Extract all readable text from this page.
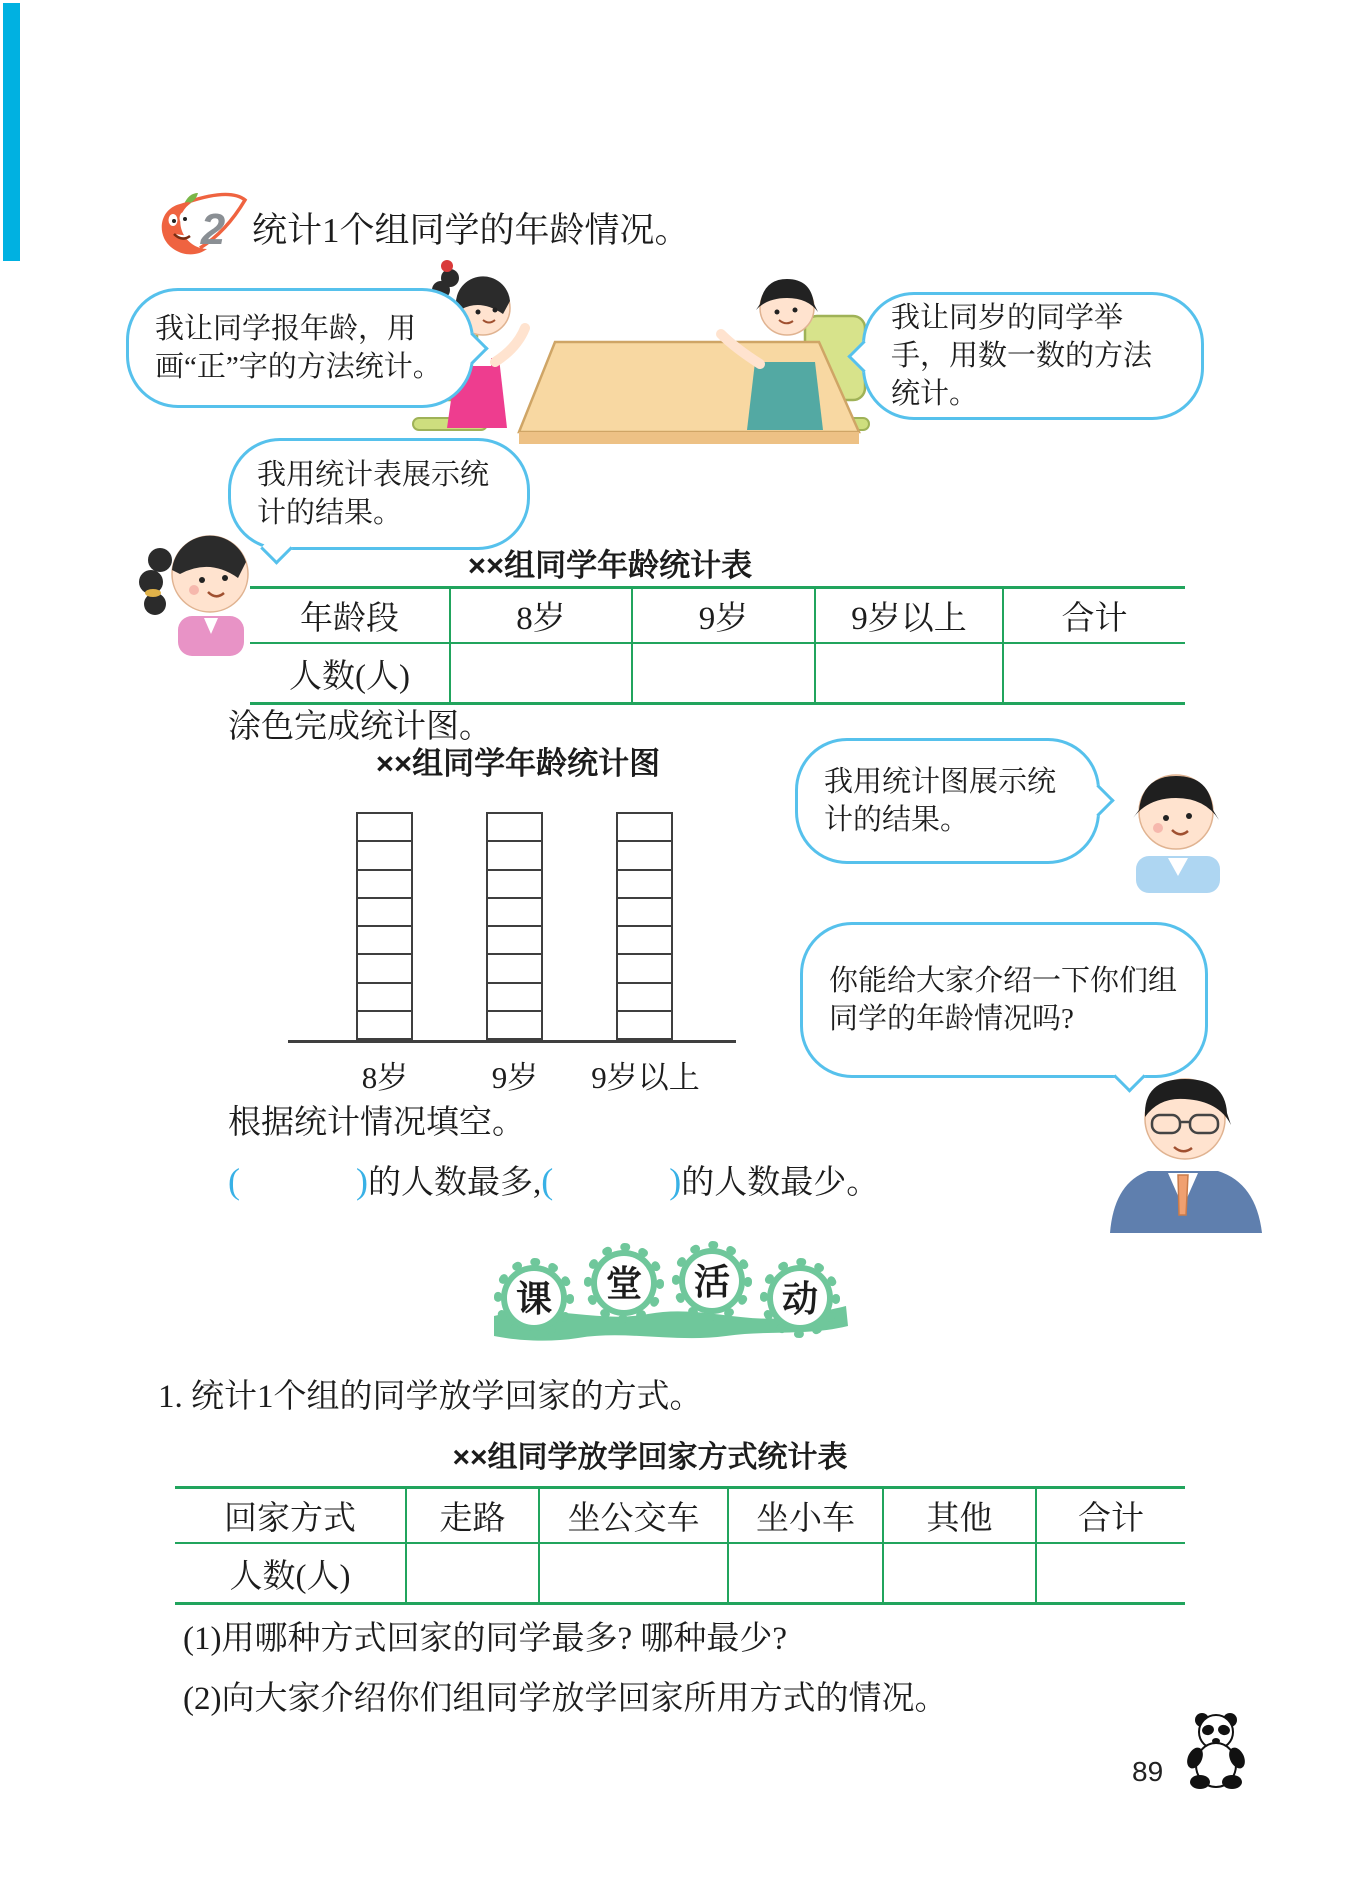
2 统计1个组同学的年龄情况。
我让同学报年龄，用画“正”字的方法统计。
我让同岁的同学举手，用数一数的方法统计。
我用统计表展示统计的结果。
××组同学年龄统计表
年龄段	8岁	9岁	9岁以上	合计
人数(人)
涂色完成统计图。
××组同学年龄统计图
8岁	9岁	9岁以上
我用统计图展示统计的结果。
你能给大家介绍一下你们组同学的年龄情况吗?
根据统计情况填空。
(	)的人数最多,(	)的人数最少。
课 堂 活 动
1. 统计1个组的同学放学回家的方式。
××组同学放学回家方式统计表
回家方式	走路	坐公交车	坐小车	其他	合计
人数(人)
(1)用哪种方式回家的同学最多? 哪种最少?
(2)向大家介绍你们组同学放学回家所用方式的情况。
89
